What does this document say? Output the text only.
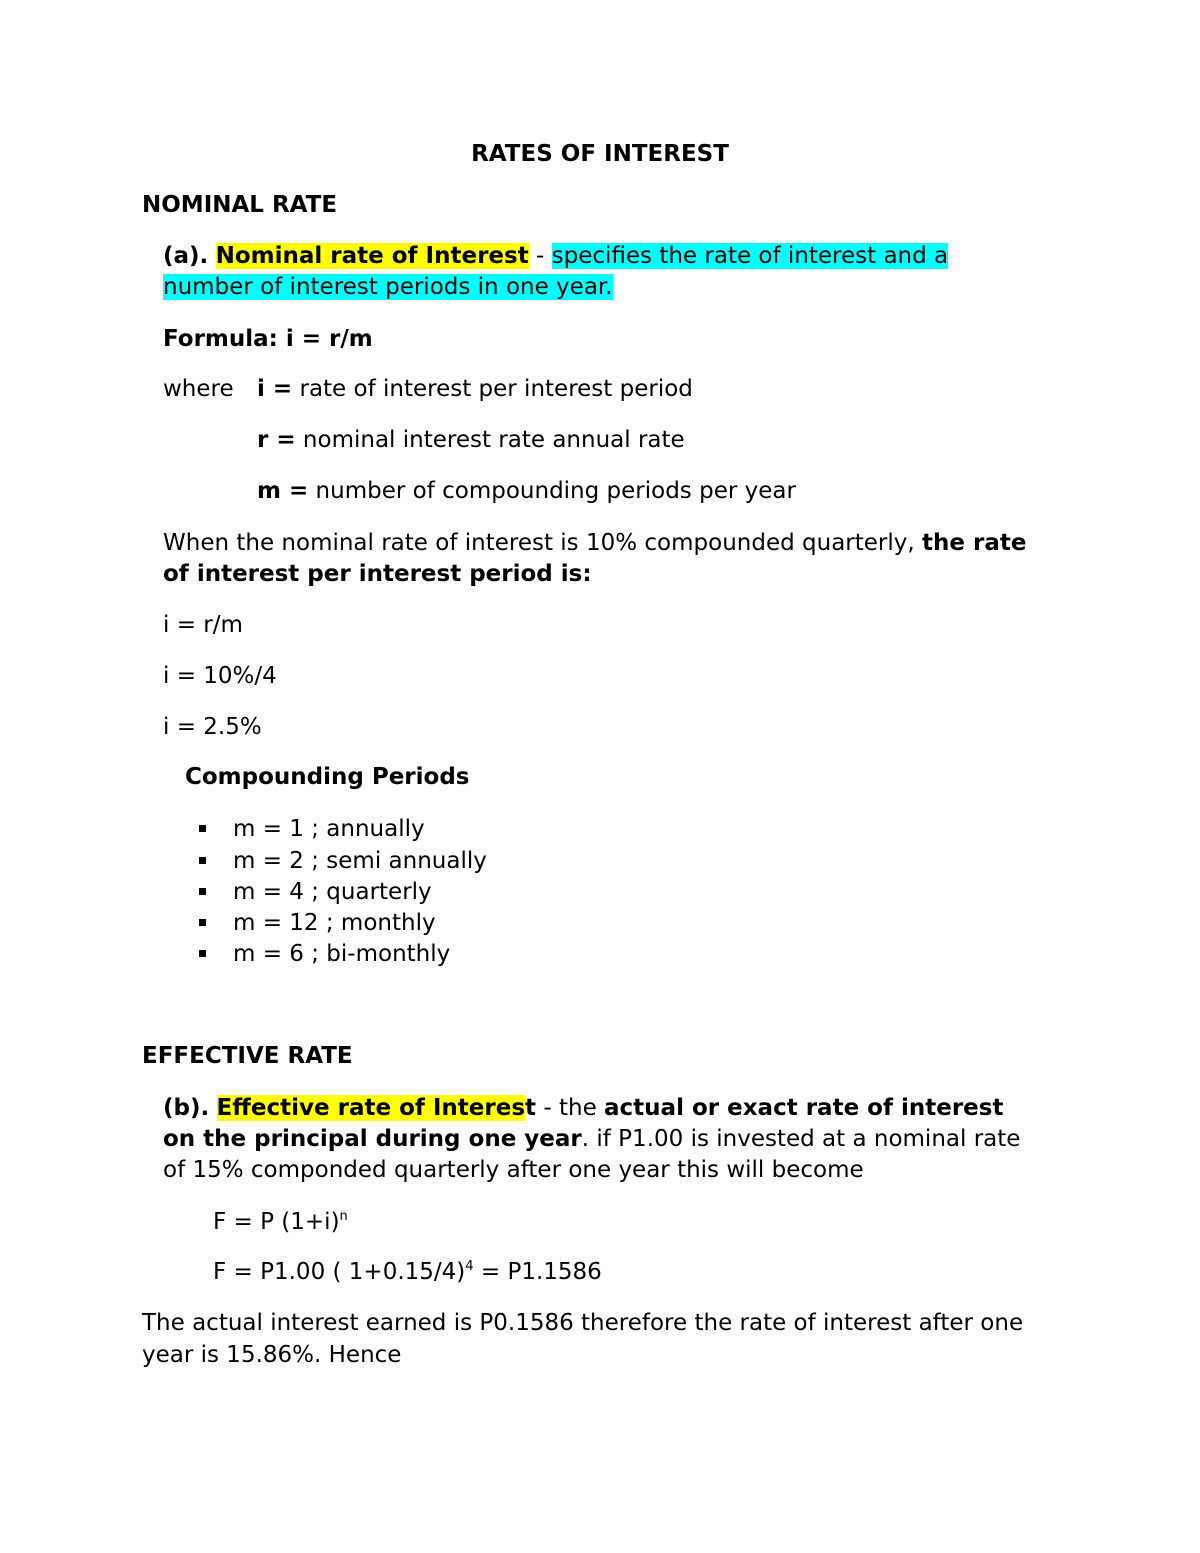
RATES OF INTEREST
NOMINAL RATE
(a). Nominal rate of Interest - specifies the rate of interest and a
number of interest periods in one year.
Formula: i = r/m
where i = rate of interest per interest period
r = nominal interest rate annual rate
m = number of compounding periods per year
When the nominal rate of interest is 10% compounded quarterly, the rate
of interest per interest period is:
i = r/m
i = 10%/4
i = 2.5%
Compounding Periods
m = 1 ; annually
m = 2 ; semi annually
m = 4 ; quarterly
m = 12 ; monthly
m = 6 ; bi-monthly
EFFECTIVE RATE
(b). Effective rate of Interest - the actual or exact rate of interest
on the principal during one year. if P1.00 is invested at a nominal rate
of 15% componded quarterly after one year this will become
F = P $(1+i)^n$
F = P1.00 ( 1+0.15/4)$^4$ = P1.1586
The actual interest earned is P0.1586 therefore the rate of interest after one
year is 15.86%. Hence
